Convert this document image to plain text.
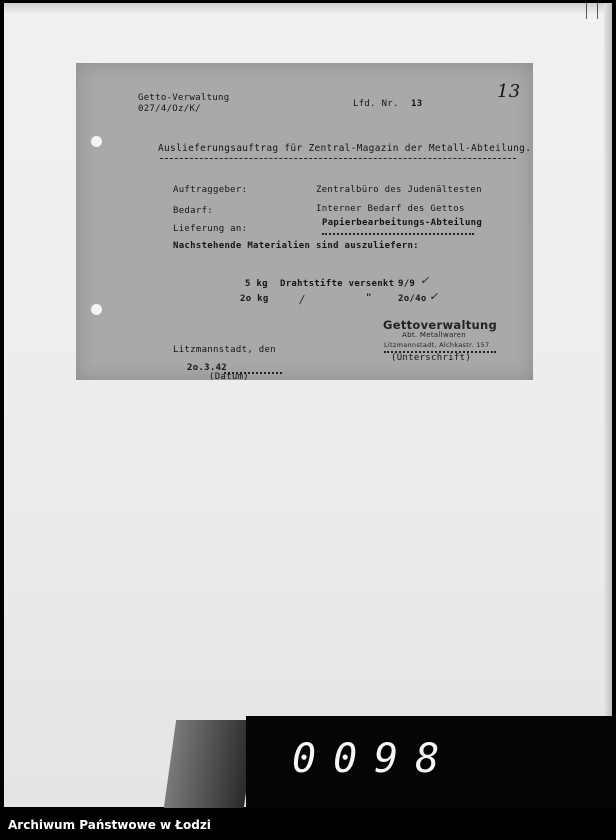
Getto-Verwaltung
027/4/Oz/K/	Lfd. Nr. 13
13
Auslieferungsauftrag für Zentral-Magazin der Metall-Abteilung.
Auftraggeber:	Zentralbüro des Judenältesten
Bedarf:	Interner Bedarf des Gettos
Lieferung an:
Papierbearbeitungs-Abteilung
Nachstehende Materialien sind auszuliefern:
5 kg Drahtstifte versenkt 9/9 ✓
2o kg	/	"	2o/4o ✓
Gettoverwaltung
Abt. Metallwaren
Litzmannstadt, Alchkastr. 157
(Unterschrift)
Litzmannstadt, den
2o.3.42
(Datum)
0098
Archiwum Państwowe w Łodzi
